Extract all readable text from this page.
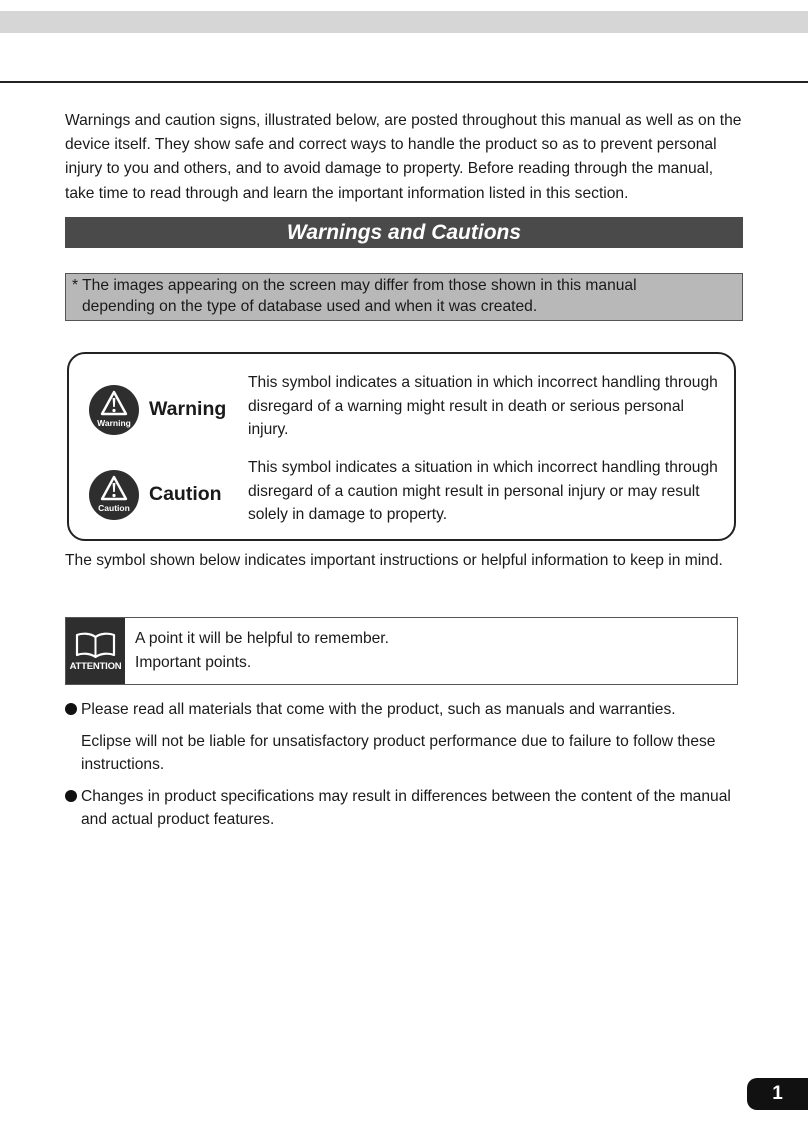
Warnings and caution signs, illustrated below, are posted throughout this manual as well as on the device itself. They show safe and correct ways to handle the product so as to prevent personal injury to you and others, and to avoid damage to property. Before reading through the manual, take time to read through and learn the important information listed in this section.

Warnings and Cautions
* The images appearing on the screen may differ from those shown in this manual
depending on the type of database used and when it was created.
Warning
Warning

This symbol indicates a situation in which incorrect handling through disregard of a warning might result in death or serious personal injury.

Caution
Caution

This symbol indicates a situation in which incorrect handling through disregard of a caution might result in personal injury or may result solely in damage to property.

The symbol shown below indicates important instructions or helpful information to keep in mind.

ATTENTION
A point it will be helpful to remember.
Important points.

Please read all materials that come with the product, such as manuals and warranties.

Eclipse will not be liable for unsatisfactory product performance due to failure to follow these instructions.

Changes in product specifications may result in differences between the content of the manual and actual product features.

1
